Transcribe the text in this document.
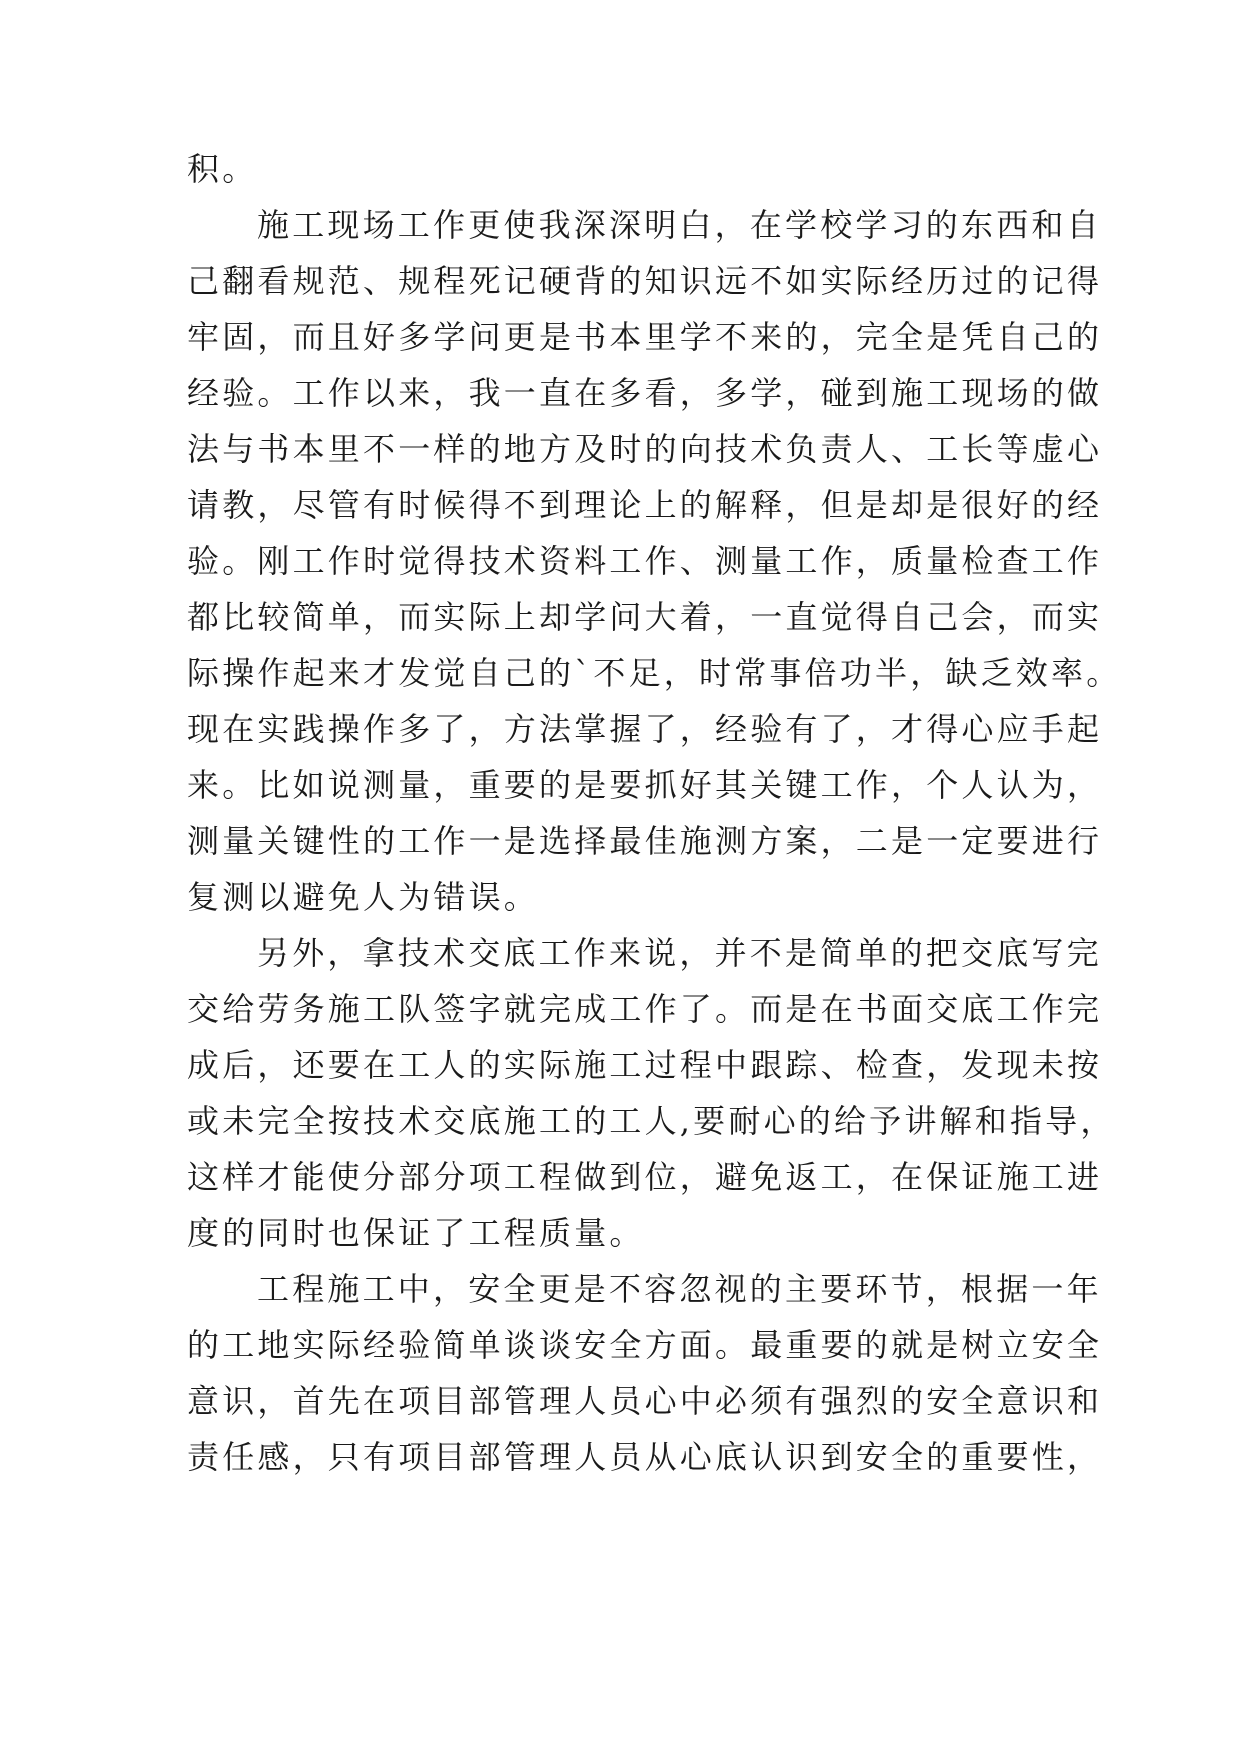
积。
施工现场工作更使我深深明白，在学校学习的东西和自
己翻看规范、规程死记硬背的知识远不如实际经历过的记得
牢固，而且好多学问更是书本里学不来的，完全是凭自己的
经验。工作以来，我一直在多看，多学，碰到施工现场的做
法与书本里不一样的地方及时的向技术负责人、工长等虚心
请教，尽管有时候得不到理论上的解释，但是却是很好的经
验。刚工作时觉得技术资料工作、测量工作，质量检查工作
都比较简单，而实际上却学问大着，一直觉得自己会，而实
际操作起来才发觉自己的`不足，时常事倍功半，缺乏效率。
现在实践操作多了，方法掌握了，经验有了，才得心应手起
来。比如说测量，重要的是要抓好其关键工作，个人认为，
测量关键性的工作一是选择最佳施测方案，二是一定要进行
复测以避免人为错误。
另外，拿技术交底工作来说，并不是简单的把交底写完
交给劳务施工队签字就完成工作了。而是在书面交底工作完
成后，还要在工人的实际施工过程中跟踪、检查，发现未按
或未完全按技术交底施工的工人,要耐心的给予讲解和指导，
这样才能使分部分项工程做到位，避免返工，在保证施工进
度的同时也保证了工程质量。
工程施工中，安全更是不容忽视的主要环节，根据一年
的工地实际经验简单谈谈安全方面。最重要的就是树立安全
意识，首先在项目部管理人员心中必须有强烈的安全意识和
责任感，只有项目部管理人员从心底认识到安全的重要性，
